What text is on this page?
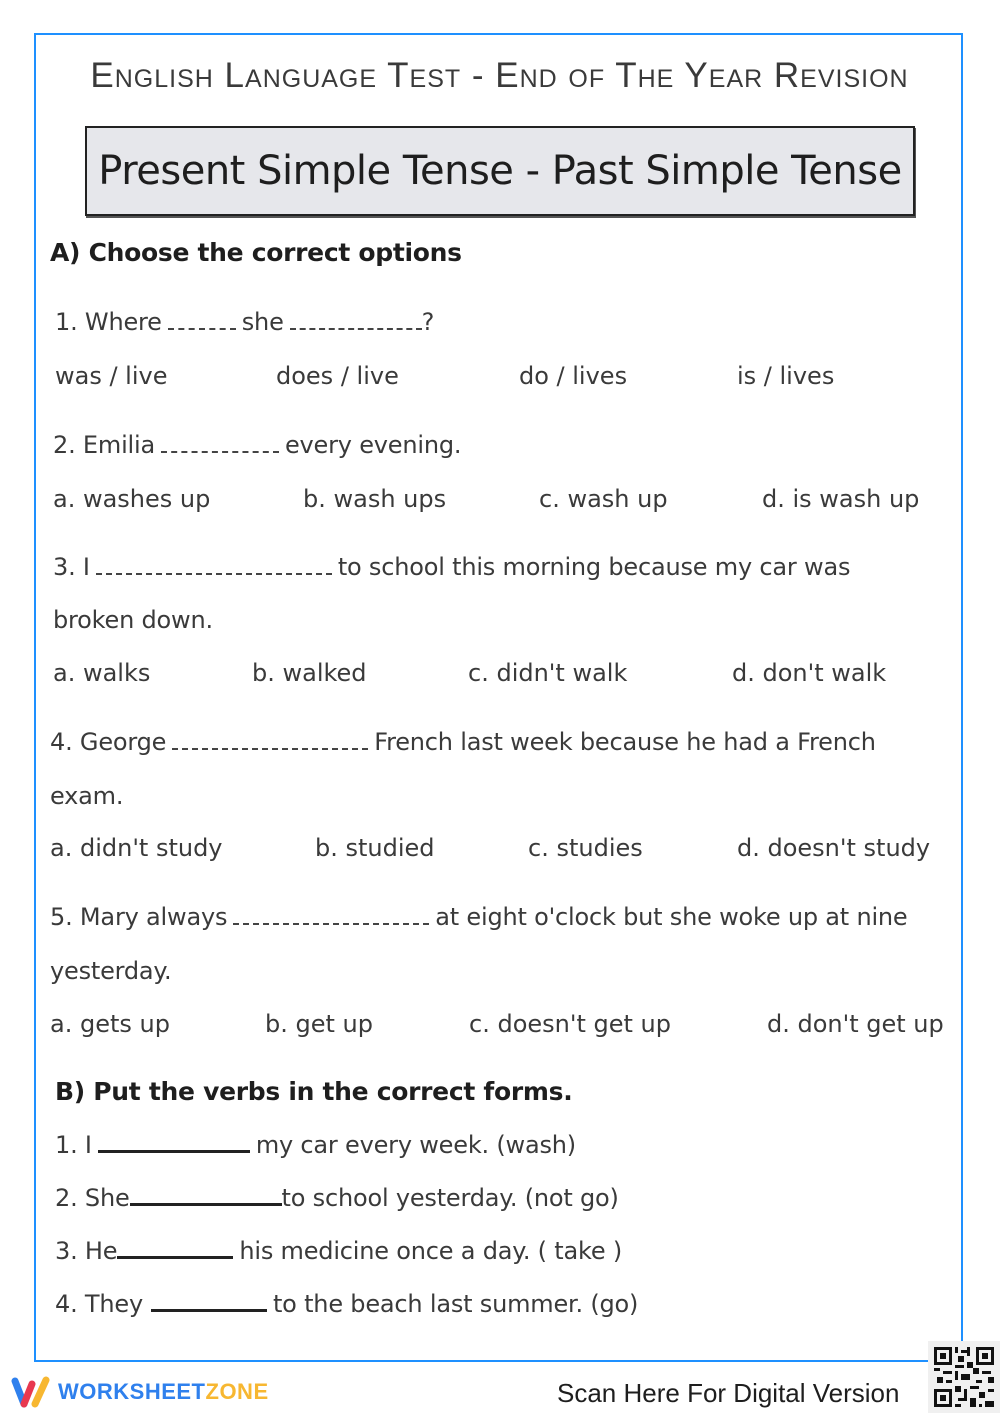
English Language Test - End of The Year Revision
Present Simple Tense - Past Simple Tense
A) Choose the correct options
1. Where	she	?
was / live	does / live	do / lives	is / lives
2. Emilia	every evening.
a. washes up	b. wash ups	c. wash up	d. is wash up
3. I	to school this morning because my car was
broken down.
a. walks	b. walked	c. didn't walk	d. don't walk
4. George	French last week because he had a French
exam.
a. didn't study	b. studied	c. studies	d. doesn't study
5. Mary always	at eight o'clock but she woke up at nine
yesterday.
a. gets up	b. get up	c. doesn't get up	d. don't get up
B) Put the verbs in the correct forms.
1. I	my car every week. (wash)
2. She	to school yesterday. (not go)
3. He	his medicine once a day. ( take )
4. They	to the beach last summer. (go)
WORKSHEETZONE	Scan Here For Digital Version
